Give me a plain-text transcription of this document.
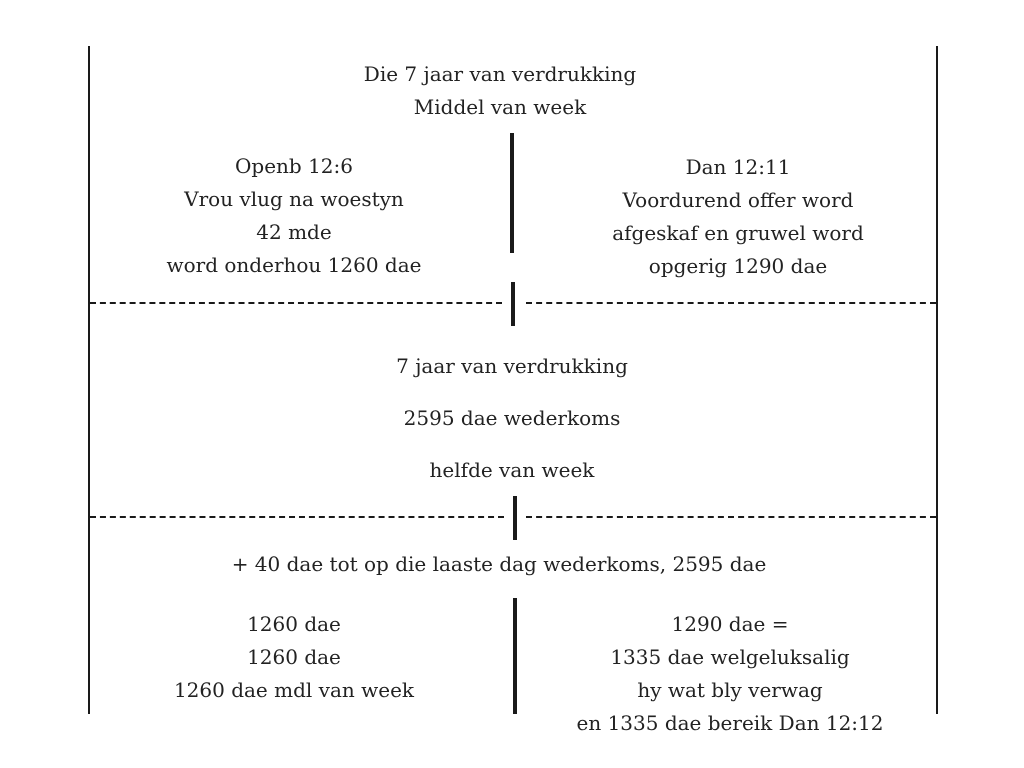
Die 7 jaar van verdrukking
Middel van week
Openb 12:6
Vrou vlug na woestyn
42 mde
word onderhou 1260 dae
Dan 12:11
Voordurend offer word
afgeskaf en gruwel word
opgerig 1290 dae
7 jaar van verdrukking
2595 dae wederkoms
helfde van week
+ 40 dae tot op die laaste dag wederkoms, 2595 dae
1260 dae
1260 dae
1260 dae mdl van week
1290 dae =
1335 dae welgeluksalig
hy wat bly verwag
en 1335 dae bereik Dan 12:12
